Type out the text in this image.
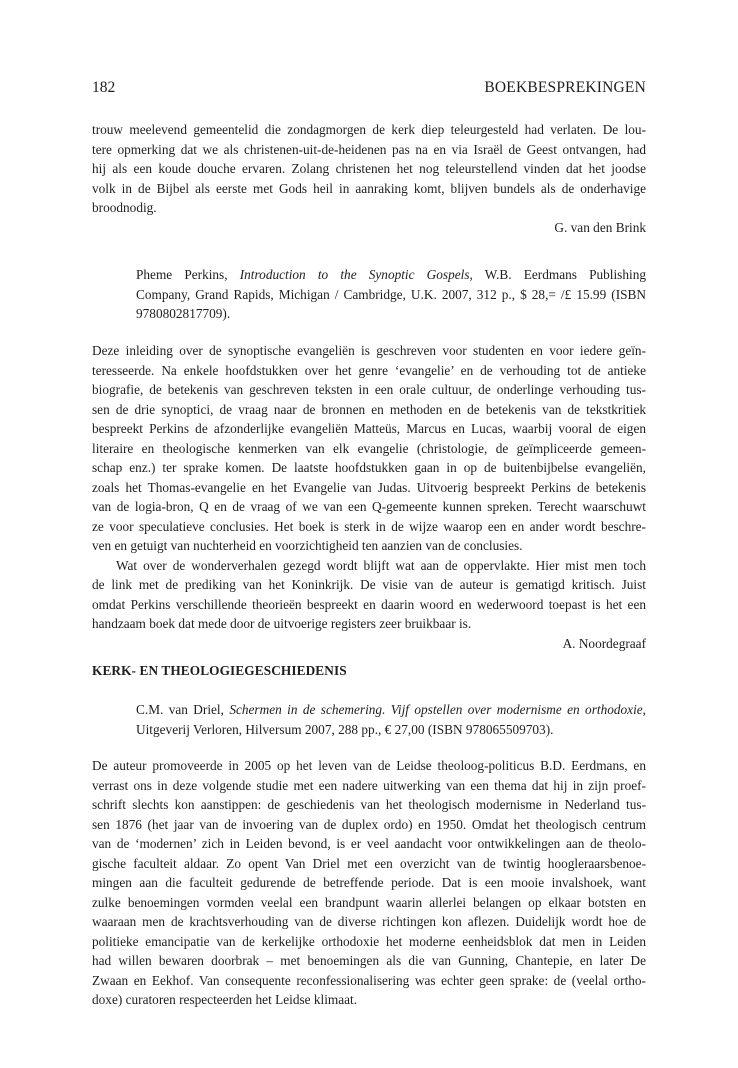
182	BOEKBESPREKINGEN
trouw meelevend gemeentelid die zondagmorgen de kerk diep teleurgesteld had verlaten. De lou-
tere opmerking dat we als christenen-uit-de-heidenen pas na en via Israël de Geest ontvangen, had
hij als een koude douche ervaren. Zolang christenen het nog teleurstellend vinden dat het joodse
volk in de Bijbel als eerste met Gods heil in aanraking komt, blijven bundels als de onderhavige
broodnodig.
G. van den Brink
Pheme Perkins, Introduction to the Synoptic Gospels, W.B. Eerdmans Publishing
Company, Grand Rapids, Michigan / Cambridge, U.K. 2007, 312 p., $ 28,= /£ 15.99 (ISBN
9780802817709).
Deze inleiding over de synoptische evangeliën is geschreven voor studenten en voor iedere geïn-
teresseerde. Na enkele hoofdstukken over het genre ‘evangelie’ en de verhouding tot de antieke
biografie, de betekenis van geschreven teksten in een orale cultuur, de onderlinge verhouding tus-
sen de drie synoptici, de vraag naar de bronnen en methoden en de betekenis van de tekstkritiek
bespreekt Perkins de afzonderlijke evangeliën Matteüs, Marcus en Lucas, waarbij vooral de eigen
literaire en theologische kenmerken van elk evangelie (christologie, de geïmpliceerde gemeen-
schap enz.) ter sprake komen. De laatste hoofdstukken gaan in op de buitenbijbelse evangeliën,
zoals het Thomas-evangelie en het Evangelie van Judas. Uitvoerig bespreekt Perkins de betekenis
van de logia-bron, Q en de vraag of we van een Q-gemeente kunnen spreken. Terecht waarschuwt
ze voor speculatieve conclusies. Het boek is sterk in de wijze waarop een en ander wordt beschre-
ven en getuigt van nuchterheid en voorzichtigheid ten aanzien van de conclusies.
Wat over de wonderverhalen gezegd wordt blijft wat aan de oppervlakte. Hier mist men toch
de link met de prediking van het Koninkrijk. De visie van de auteur is gematigd kritisch. Juist
omdat Perkins verschillende theorieën bespreekt en daarin woord en wederwoord toepast is het een
handzaam boek dat mede door de uitvoerige registers zeer bruikbaar is.
A. Noordegraaf
KERK- EN THEOLOGIEGESCHIEDENIS
C.M. van Driel, Schermen in de schemering. Vijf opstellen over modernisme en orthodoxie,
Uitgeverij Verloren, Hilversum 2007, 288 pp., € 27,00 (ISBN 978065509703).
De auteur promoveerde in 2005 op het leven van de Leidse theoloog-politicus B.D. Eerdmans, en
verrast ons in deze volgende studie met een nadere uitwerking van een thema dat hij in zijn proef-
schrift slechts kon aanstippen: de geschiedenis van het theologisch modernisme in Nederland tus-
sen 1876 (het jaar van de invoering van de duplex ordo) en 1950. Omdat het theologisch centrum
van de ‘modernen’ zich in Leiden bevond, is er veel aandacht voor ontwikkelingen aan de theolo-
gische faculteit aldaar. Zo opent Van Driel met een overzicht van de twintig hoogleraarsbenoe-
mingen aan die faculteit gedurende de betreffende periode. Dat is een mooie invalshoek, want
zulke benoemingen vormden veelal een brandpunt waarin allerlei belangen op elkaar botsten en
waaraan men de krachtsverhouding van de diverse richtingen kon aflezen. Duidelijk wordt hoe de
politieke emancipatie van de kerkelijke orthodoxie het moderne eenheidsblok dat men in Leiden
had willen bewaren doorbrak – met benoemingen als die van Gunning, Chantepie, en later De
Zwaan en Eekhof. Van consequente reconfessionalisering was echter geen sprake: de (veelal ortho-
doxe) curatoren respecteerden het Leidse klimaat.
